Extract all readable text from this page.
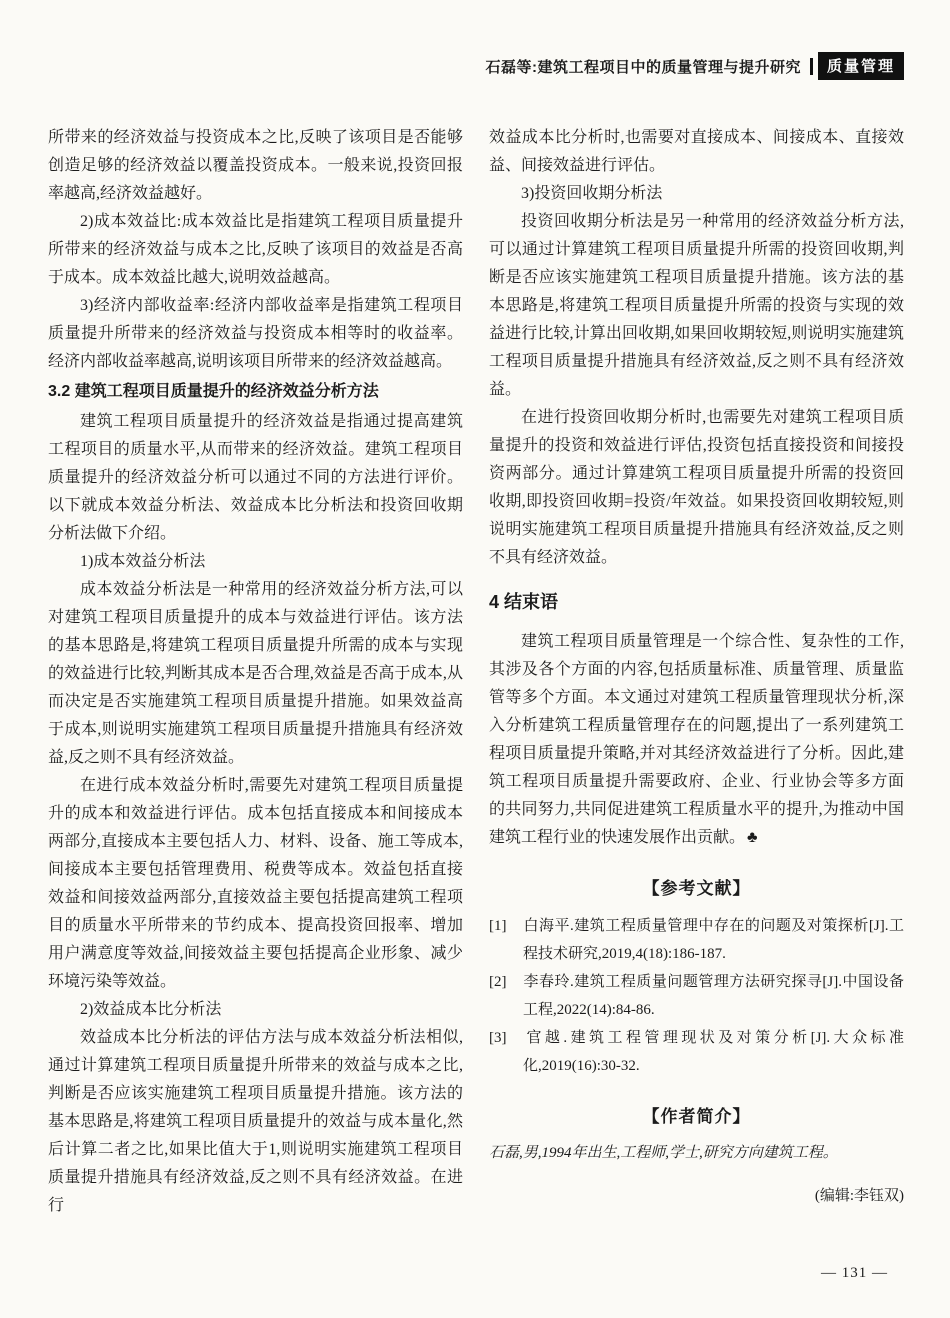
石磊等:建筑工程项目中的质量管理与提升研究	质量管理

所带来的经济效益与投资成本之比,反映了该项目是否能够创造足够的经济效益以覆盖投资成本。一般来说,投资回报率越高,经济效益越好。

2)成本效益比:成本效益比是指建筑工程项目质量提升所带来的经济效益与成本之比,反映了该项目的效益是否高于成本。成本效益比越大,说明效益越高。

3)经济内部收益率:经济内部收益率是指建筑工程项目质量提升所带来的经济效益与投资成本相等时的收益率。经济内部收益率越高,说明该项目所带来的经济效益越高。

3.2 建筑工程项目质量提升的经济效益分析方法

建筑工程项目质量提升的经济效益是指通过提高建筑工程项目的质量水平,从而带来的经济效益。建筑工程项目质量提升的经济效益分析可以通过不同的方法进行评价。以下就成本效益分析法、效益成本比分析法和投资回收期分析法做下介绍。

1)成本效益分析法

成本效益分析法是一种常用的经济效益分析方法,可以对建筑工程项目质量提升的成本与效益进行评估。该方法的基本思路是,将建筑工程项目质量提升所需的成本与实现的效益进行比较,判断其成本是否合理,效益是否高于成本,从而决定是否实施建筑工程项目质量提升措施。如果效益高于成本,则说明实施建筑工程项目质量提升措施具有经济效益,反之则不具有经济效益。

在进行成本效益分析时,需要先对建筑工程项目质量提升的成本和效益进行评估。成本包括直接成本和间接成本两部分,直接成本主要包括人力、材料、设备、施工等成本,间接成本主要包括管理费用、税费等成本。效益包括直接效益和间接效益两部分,直接效益主要包括提高建筑工程项目的质量水平所带来的节约成本、提高投资回报率、增加用户满意度等效益,间接效益主要包括提高企业形象、减少环境污染等效益。

2)效益成本比分析法

效益成本比分析法的评估方法与成本效益分析法相似,通过计算建筑工程项目质量提升所带来的效益与成本之比,判断是否应该实施建筑工程项目质量提升措施。该方法的基本思路是,将建筑工程项目质量提升的效益与成本量化,然后计算二者之比,如果比值大于1,则说明实施建筑工程项目质量提升措施具有经济效益,反之则不具有经济效益。在进行

效益成本比分析时,也需要对直接成本、间接成本、直接效益、间接效益进行评估。

3)投资回收期分析法

投资回收期分析法是另一种常用的经济效益分析方法,可以通过计算建筑工程项目质量提升所需的投资回收期,判断是否应该实施建筑工程项目质量提升措施。该方法的基本思路是,将建筑工程项目质量提升所需的投资与实现的效益进行比较,计算出回收期,如果回收期较短,则说明实施建筑工程项目质量提升措施具有经济效益,反之则不具有经济效益。

在进行投资回收期分析时,也需要先对建筑工程项目质量提升的投资和效益进行评估,投资包括直接投资和间接投资两部分。通过计算建筑工程项目质量提升所需的投资回收期,即投资回收期=投资/年效益。如果投资回收期较短,则说明实施建筑工程项目质量提升措施具有经济效益,反之则不具有经济效益。

4 结束语

建筑工程项目质量管理是一个综合性、复杂性的工作,其涉及各个方面的内容,包括质量标准、质量管理、质量监管等多个方面。本文通过对建筑工程质量管理现状分析,深入分析建筑工程质量管理存在的问题,提出了一系列建筑工程项目质量提升策略,并对其经济效益进行了分析。因此,建筑工程项目质量提升需要政府、企业、行业协会等多方面的共同努力,共同促进建筑工程质量水平的提升,为推动中国建筑工程行业的快速发展作出贡献。 ♣

【参考文献】

[1] 白海平.建筑工程质量管理中存在的问题及对策探析[J].工程技术研究,2019,4(18):186-187.

[2] 李春玲.建筑工程质量问题管理方法研究探寻[J].中国设备工程,2022(14):84-86.

[3] 官越.建筑工程管理现状及对策分析[J].大众标准化,2019(16):30-32.

【作者简介】

石磊,男,1994年出生,工程师,学士,研究方向建筑工程。

(编辑:李钰双)

— 131 —
